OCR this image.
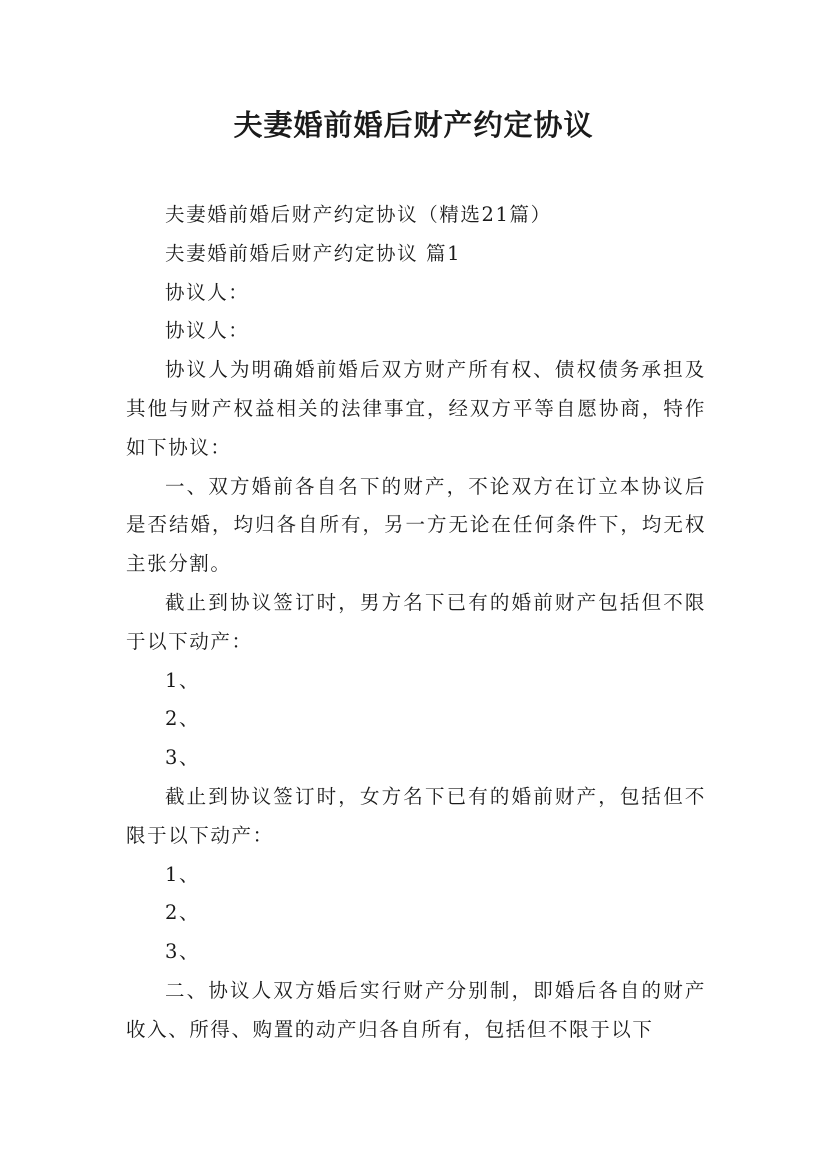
夫妻婚前婚后财产约定协议

夫妻婚前婚后财产约定协议（精选21篇）

夫妻婚前婚后财产约定协议 篇1

协议人：

协议人：

协议人为明确婚前婚后双方财产所有权、债权债务承担及其他与财产权益相关的法律事宜，经双方平等自愿协商，特作如下协议：

一、双方婚前各自名下的财产，不论双方在订立本协议后是否结婚，均归各自所有，另一方无论在任何条件下，均无权主张分割。

截止到协议签订时，男方名下已有的婚前财产包括但不限于以下动产：

1、

2、

3、

截止到协议签订时，女方名下已有的婚前财产，包括但不限于以下动产：

1、

2、

3、

二、协议人双方婚后实行财产分别制，即婚后各自的财产收入、所得、购置的动产归各自所有，包括但不限于以下
